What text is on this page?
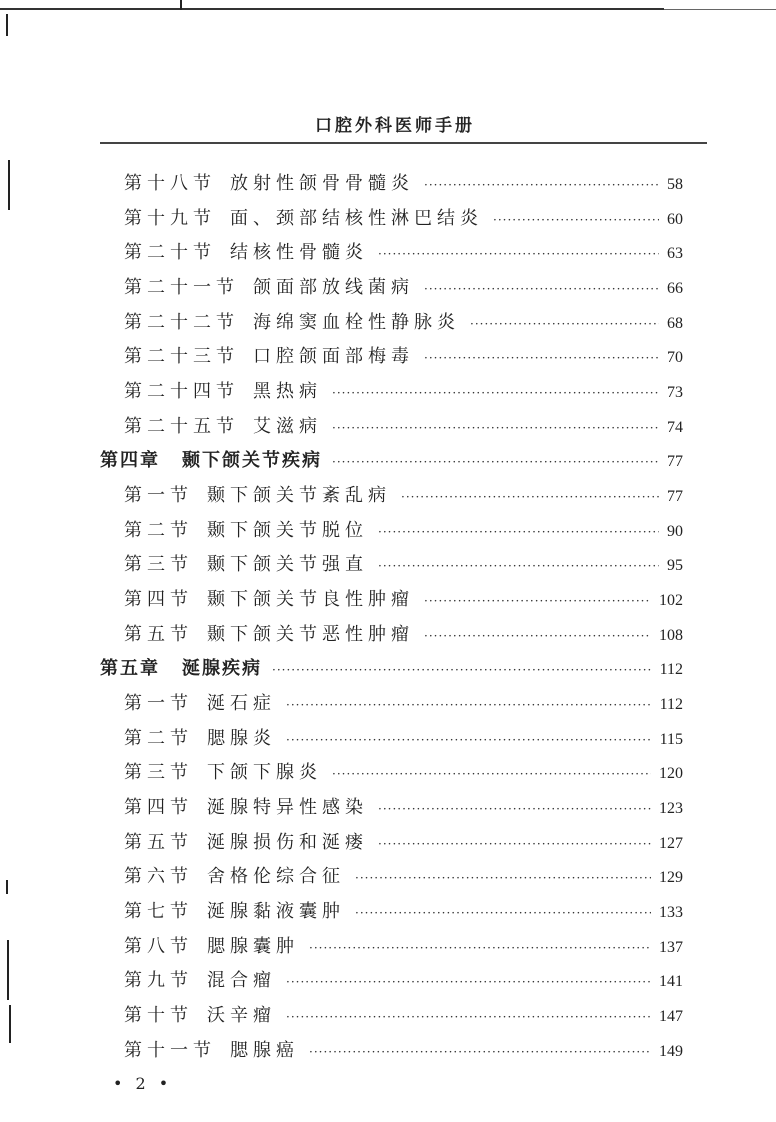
口腔外科医师手册
第十八节 放射性颌骨骨髓炎 ·····	58
第十九节 面、颈部结核性淋巴结炎 ·····	60
第二十节 结核性骨髓炎 ·····	63
第二十一节 颌面部放线菌病 ·····	66
第二十二节 海绵窦血栓性静脉炎 ·····	68
第二十三节 口腔颌面部梅毒 ·····	70
第二十四节 黑热病 ·····	73
第二十五节 艾滋病 ·····	74
第四章 颞下颌关节疾病 ·····	77
第一节 颞下颌关节紊乱病 ·····	77
第二节 颞下颌关节脱位 ·····	90
第三节 颞下颌关节强直 ·····	95
第四节 颞下颌关节良性肿瘤 ·····	102
第五节 颞下颌关节恶性肿瘤 ·····	108
第五章 涎腺疾病 ·····	112
第一节 涎石症 ·····	112
第二节 腮腺炎 ·····	115
第三节 下颌下腺炎 ·····	120
第四节 涎腺特异性感染 ·····	123
第五节 涎腺损伤和涎瘘 ·····	127
第六节 舍格伦综合征 ·····	129
第七节 涎腺黏液囊肿 ·····	133
第八节 腮腺囊肿 ·····	137
第九节 混合瘤 ·····	141
第十节 沃辛瘤 ·····	147
第十一节 腮腺癌 ·····	149
• 2 •
